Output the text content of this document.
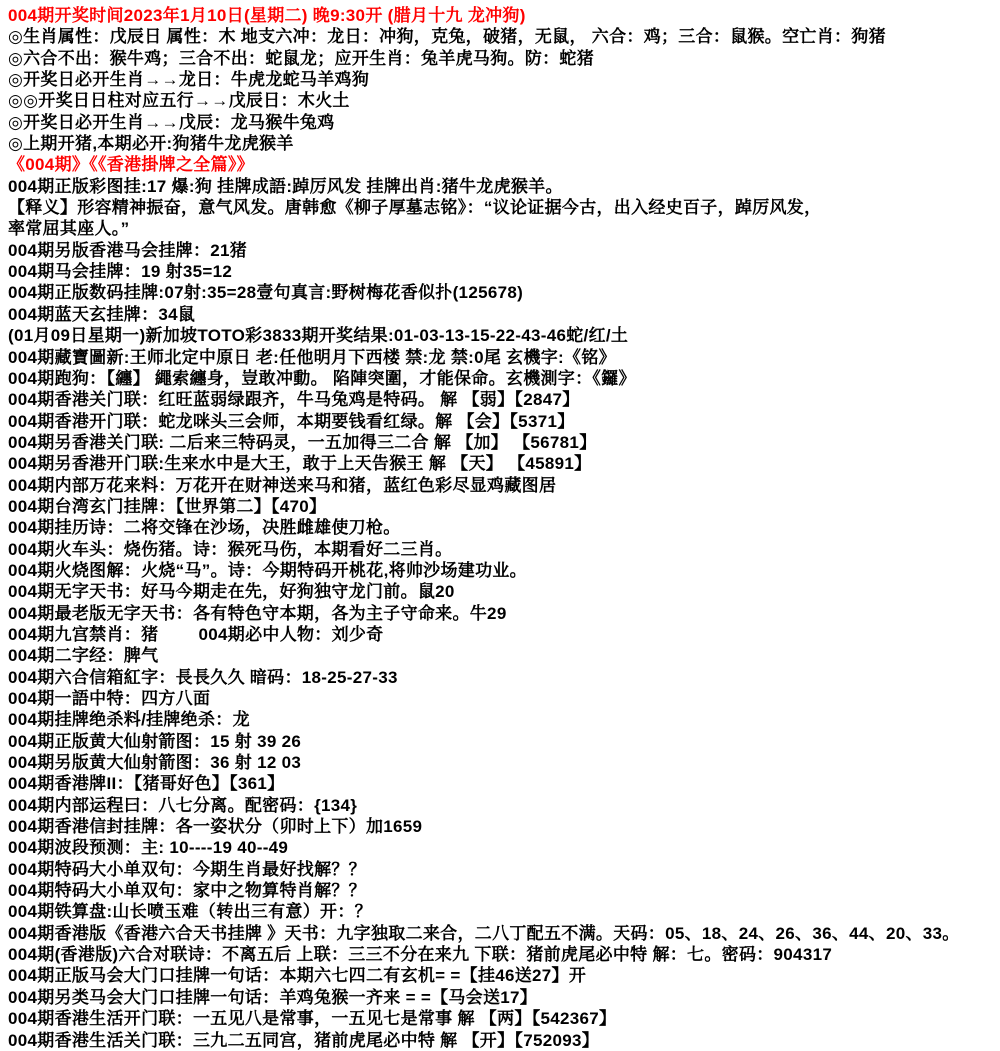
004期开奖时间2023年1月10日(星期二) 晚9:30开 (腊月十九 龙冲狗)
◎生肖属性：戊辰日 属性：木 地支六冲：龙日：冲狗，克兔，破猪，无鼠， 六合：鸡；三合：鼠猴。空亡肖：狗猪
◎六合不出：猴牛鸡；三合不出：蛇鼠龙；应开生肖：兔羊虎马狗。防：蛇猪
◎开奖日必开生肖→→龙日：牛虎龙蛇马羊鸡狗
◎◎开奖日日柱对应五行→→戊辰日：木火土
◎开奖日必开生肖→→戊辰：龙马猴牛兔鸡
◎上期开猪,本期必开:狗猪牛龙虎猴羊
《004期》《《香港掛牌之全篇》》
004期正版彩图挂:17 爆:狗 挂牌成語:踔厉风发 挂牌出肖:猪牛龙虎猴羊。
【释义】形容精神振奋，意气风发。唐韩愈《柳子厚墓志铭》：“议论证据今古，出入经史百子，踔厉风发，
率常屈其座人。”
004期另版香港马会挂牌：21猪
004期马会挂牌：19 射35=12
004期正版数码挂牌:07射:35=28壹句真言:野树梅花香似扑(125678)
004期蓝天玄挂牌：34鼠
(01月09日星期一)新加坡TOTO彩3833期开奖结果:01-03-13-15-22-43-46蛇/红/土
004期藏寶圖新:王师北定中原日 老:任他明月下西楼 禁:龙 禁:0尾 玄機字:《铭》
004期跑狗：【纏】 繩索纏身，豈敢冲動。 陷陣突圍，才能保命。玄機測字：《鑼》
004期香港关门联：红旺蓝弱绿跟齐，牛马兔鸡是特码。 解 【弱】【2847】
004期香港开门联：蛇龙咪头三会师，本期要钱看红绿。解 【会】【5371】
004期另香港关门联: 二后来三特码灵，一五加得三二合 解 【加】 【56781】
004期另香港开门联:生来水中是大王，敢于上天告猴王 解 【天】 【45891】
004期内部万花来料：万花开在财神送来马和猪，蓝红色彩尽显鸡藏图居
004期台湾玄门挂牌：【世界第二】【470】
004期挂历诗：二将交锋在沙场，决胜雌雄使刀枪。
004期火车头：烧伤猪。诗：猴死马伤，本期看好二三肖。
004期火烧图解：火烧“马”。诗：今期特码开桃花,将帅沙场建功业。
004期无字天书：好马今期走在先，好狗独守龙门前。鼠20
004期最老版无字天书：各有特色守本期，各为主子守命来。牛29
004期九宫禁肖：猪        004期必中人物：刘少奇
004期二字经：脾气
004期六合信箱紅字：長長久久 暗码：18-25-27-33
004期一語中特：四方八面
004期挂牌绝杀料/挂牌绝杀：龙
004期正版黄大仙射箭图：15 射 39 26
004期另版黄大仙射箭图：36 射 12 03
004期香港牌II：【猪哥好色】【361】
004期内部运程曰：八七分离。配密码：{134}
004期香港信封挂牌：各一姿状分（卯时上下）加1659
004期波段预测：主: 10----19 40--49
004期特码大小单双句：今期生肖最好找解？？
004期特码大小单双句：家中之物算特肖解？？
004期铁算盘:山长喷玉难（转出三有意）开：？
004期香港版《香港六合天书挂牌 》天书：九字独取二来合，二八丁配五不满。天码：05、18、24、26、36、44、20、33。
004期(香港版)六合对联诗：不离五后 上联：三三不分在来九 下联：猪前虎尾必中特 解：七。密码：904317
004期正版马会大门口挂牌一句话：本期六七四二有玄机= =【挂46送27】开
004期另类马会大门口挂牌一句话：羊鸡兔猴一齐来 = =【马会送17】
004期香港生活开门联：一五见八是常事，一五见七是常事 解 【两】【542367】
004期香港生活关门联：三九二五同宫，猪前虎尾必中特 解 【开】【752093】
